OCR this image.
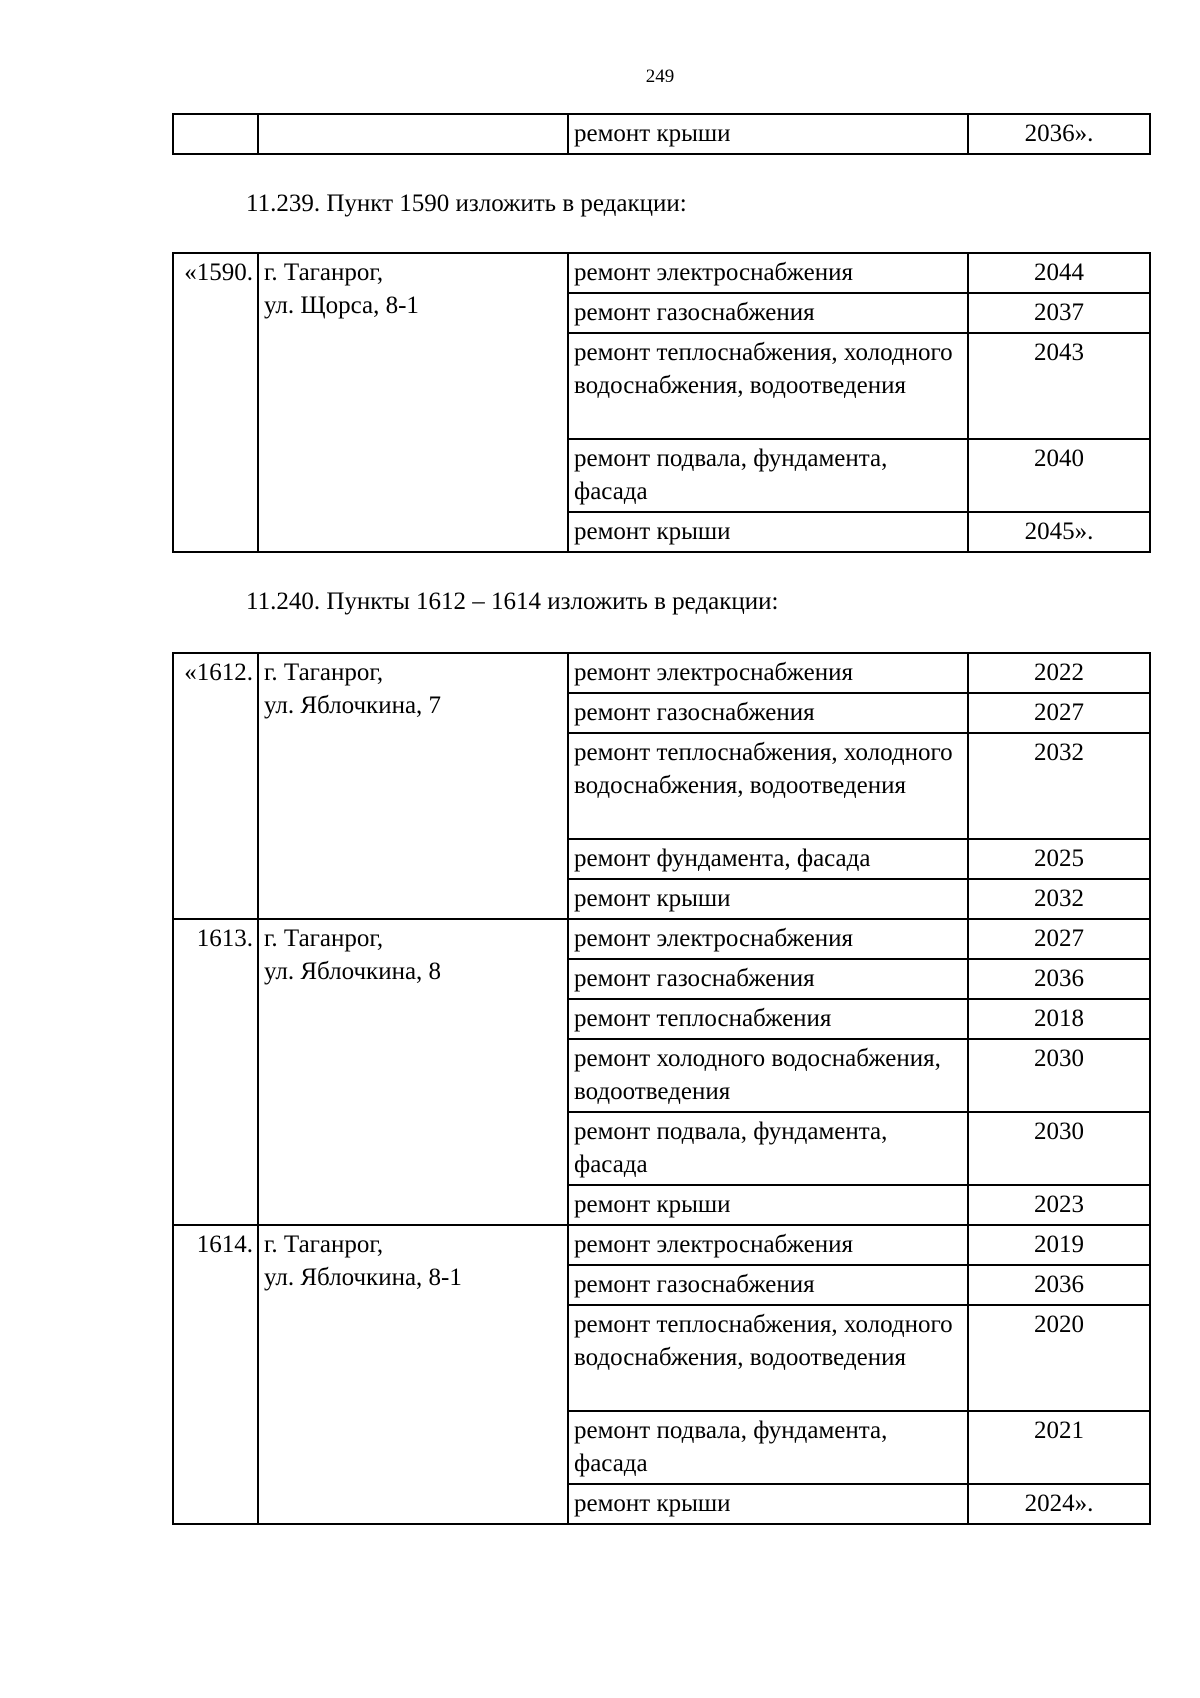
249
		ремонт крыши	2036».
11.239. Пункт 1590 изложить в редакции:
«1590.	г. Таганрог,
ул. Щорса, 8-1	ремонт электроснабжения	2044
		ремонт газоснабжения	2037
		ремонт теплоснабжения, холодного водоснабжения, водоотведения	2043
		ремонт подвала, фундамента, фасада	2040
		ремонт крыши	2045».
11.240. Пункты 1612 – 1614 изложить в редакции:
«1612.	г. Таганрог,
ул. Яблочкина, 7	ремонт электроснабжения	2022
		ремонт газоснабжения	2027
		ремонт теплоснабжения, холодного водоснабжения, водоотведения	2032
		ремонт фундамента, фасада	2025
		ремонт крыши	2032
1613.	г. Таганрог,
ул. Яблочкина, 8	ремонт электроснабжения	2027
		ремонт газоснабжения	2036
		ремонт теплоснабжения	2018
		ремонт холодного водоснабжения, водоотведения	2030
		ремонт подвала, фундамента, фасада	2030
		ремонт крыши	2023
1614.	г. Таганрог,
ул. Яблочкина, 8-1	ремонт электроснабжения	2019
		ремонт газоснабжения	2036
		ремонт теплоснабжения, холодного водоснабжения, водоотведения	2020
		ремонт подвала, фундамента, фасада	2021
		ремонт крыши	2024».
